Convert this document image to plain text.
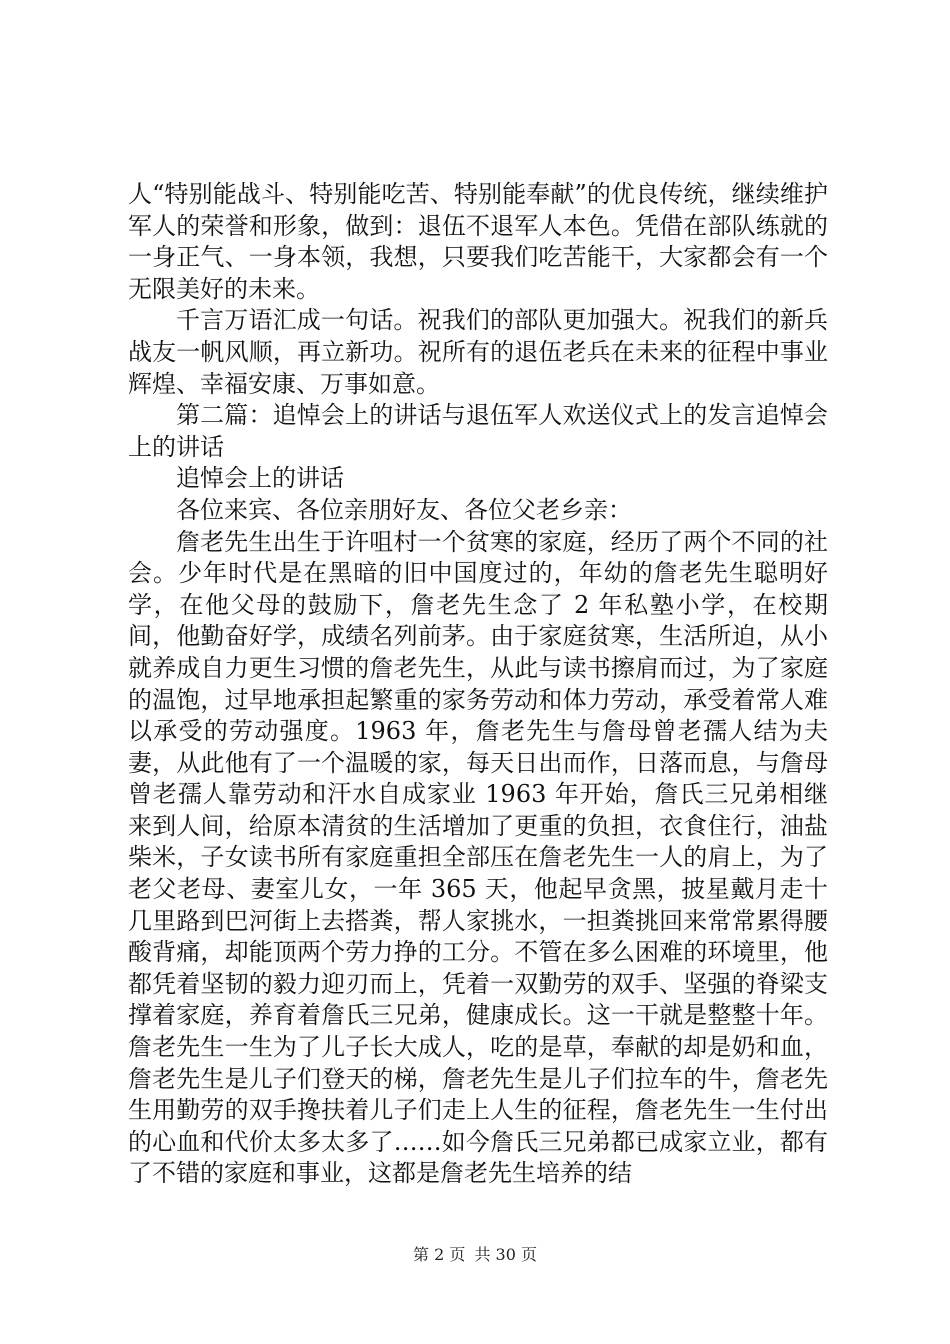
人“特别能战斗、特别能吃苦、特别能奉献”的优良传统，继续维护军人的荣誉和形象，做到：退伍不退军人本色。凭借在部队练就的一身正气、一身本领，我想，只要我们吃苦能干，大家都会有一个无限美好的未来。

千言万语汇成一句话。祝我们的部队更加强大。祝我们的新兵战友一帆风顺，再立新功。祝所有的退伍老兵在未来的征程中事业辉煌、幸福安康、万事如意。

第二篇：追悼会上的讲话与退伍军人欢送仪式上的发言追悼会上的讲话

追悼会上的讲话

各位来宾、各位亲朋好友、各位父老乡亲：

詹老先生出生于许咀村一个贫寒的家庭，经历了两个不同的社会。少年时代是在黑暗的旧中国度过的，年幼的詹老先生聪明好学，在他父母的鼓励下，詹老先生念了 2 年私塾小学，在校期间，他勤奋好学，成绩名列前茅。由于家庭贫寒，生活所迫，从小就养成自力更生习惯的詹老先生，从此与读书擦肩而过，为了家庭的温饱，过早地承担起繁重的家务劳动和体力劳动，承受着常人难以承受的劳动强度。1963 年，詹老先生与詹母曾老孺人结为夫妻，从此他有了一个温暖的家，每天日出而作，日落而息，与詹母曾老孺人靠劳动和汗水自成家业 1963 年开始，詹氏三兄弟相继来到人间，给原本清贫的生活增加了更重的负担，衣食住行，油盐柴米，子女读书所有家庭重担全部压在詹老先生一人的肩上，为了老父老母、妻室儿女，一年 365 天，他起早贪黑，披星戴月走十几里路到巴河街上去搭粪，帮人家挑水，一担粪挑回来常常累得腰酸背痛，却能顶两个劳力挣的工分。不管在多么困难的环境里，他都凭着坚韧的毅力迎刃而上，凭着一双勤劳的双手、坚强的脊梁支撑着家庭，养育着詹氏三兄弟，健康成长。这一干就是整整十年。詹老先生一生为了儿子长大成人，吃的是草，奉献的却是奶和血，詹老先生是儿子们登天的梯，詹老先生是儿子们拉车的牛，詹老先生用勤劳的双手搀扶着儿子们走上人生的征程，詹老先生一生付出的心血和代价太多太多了……如今詹氏三兄弟都已成家立业，都有了不错的家庭和事业，这都是詹老先生培养的结

第 2 页 共 30 页
